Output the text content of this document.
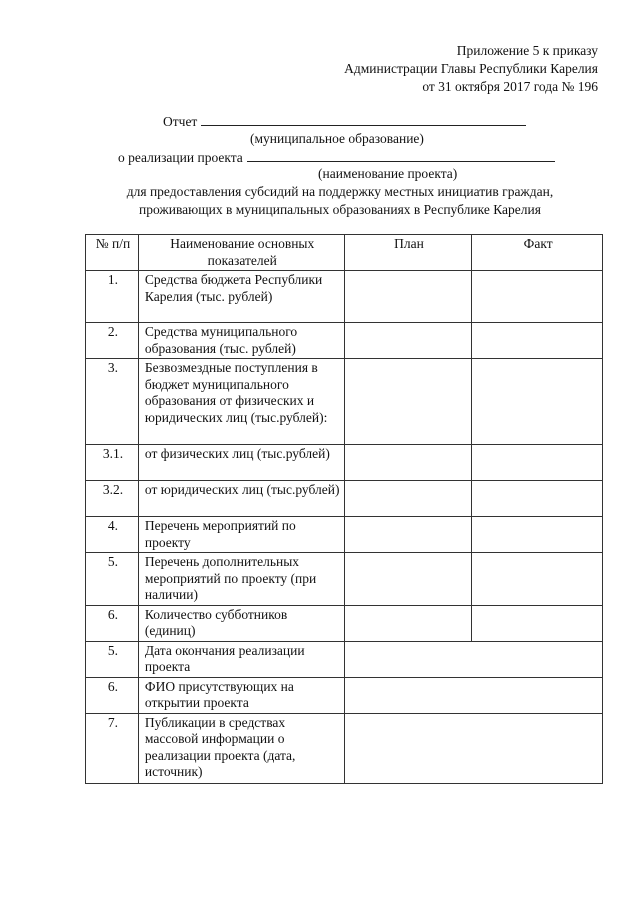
Приложение 5 к приказу
Администрации Главы Республики Карелия
от 31 октября 2017 года № 196
Отчет
(муниципальное образование)
о реализации проекта
(наименование проекта)
для предоставления субсидий на поддержку местных инициатив граждан,
проживающих в муниципальных образованиях в Республике Карелия
№ п/п	Наименование основных показателей	План	Факт
1.	Средства бюджета Республики Карелия (тыс. рублей)		
2.	Средства муниципального образования (тыс. рублей)		
3.	Безвозмездные поступления в бюджет муниципального образования от физических и юридических лиц (тыс.рублей):		
3.1.	от физических лиц (тыс.рублей)		
3.2.	от юридических лиц (тыс.рублей)		
4.	Перечень мероприятий по проекту		
5.	Перечень дополнительных мероприятий по проекту (при наличии)		
6.	Количество субботников (единиц)		
5.	Дата окончания реализации проекта		
6.	ФИО присутствующих на открытии проекта		
7.	Публикации в средствах массовой информации о реализации проекта (дата, источник)		
